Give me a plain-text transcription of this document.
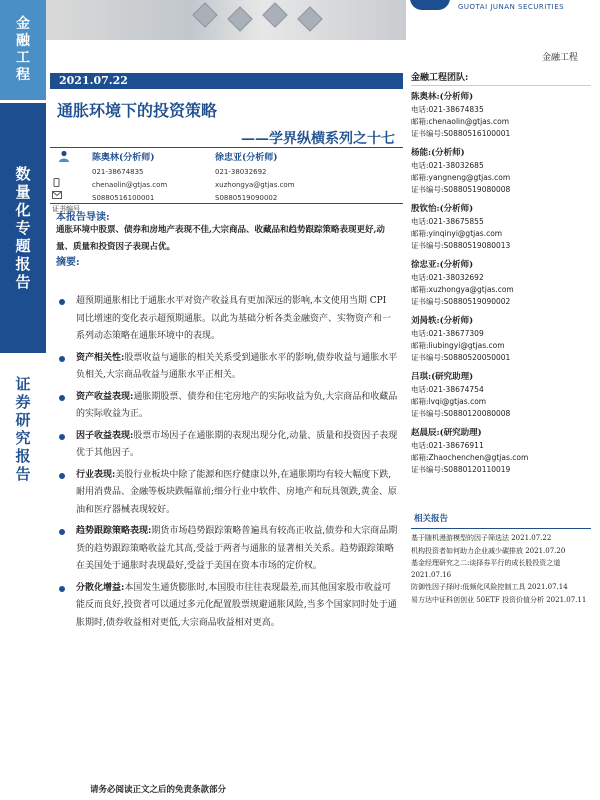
金
融
工
程
数
量
化
专
题
报
告
证
券
研
究
报
告
GUOTAI JUNAN SECURITIES
金融工程
2021.07.22
通胀环境下的投资策略
——学界纵横系列之十七
证书编号
陈奥林(分析师)
021-38674835
chenaolin@gtjas.com
S0880516100001
徐忠亚(分析师)
021-38032692
xuzhongya@gtjas.com
S0880519090002
本报告导读:
通胀环境中股票、债券和房地产表现不佳,大宗商品、收藏品和趋势跟踪策略表现更好,动量、质量和投资因子表现占优。
摘要:
超预期通胀相比于通胀水平对资产收益具有更加深远的影响,本文使用当期 CPI 同比增速的变化表示超预期通胀。以此为基础分析各类金融资产、实物资产和一系列动态策略在通胀环境中的表现。
资产相关性:股票收益与通胀的相关关系受到通胀水平的影响,债券收益与通胀水平负相关,大宗商品收益与通胀水平正相关。
资产收益表现:通胀期股票、债券和住宅房地产的实际收益为负,大宗商品和收藏品的实际收益为正。
因子收益表现:股票市场因子在通胀期的表现出现分化,动量、质量和投资因子表现优于其他因子。
行业表现:美股行业板块中除了能源和医疗健康以外,在通胀期均有较大幅度下跌,耐用消费品、金融等板块跌幅靠前;细分行业中软件、房地产和玩具领跌,黄金、原油和医疗器械表现较好。
趋势跟踪策略表现:期货市场趋势跟踪策略普遍具有较高正收益,债券和大宗商品期货的趋势跟踪策略收益尤其高,受益于两者与通胀的显著相关关系。趋势跟踪策略在美国处于通胀时表现最好,受益于美国在资本市场的定价权。
分散化增益:本国发生通货膨胀时,本国股市往往表现最差,而其他国家股市收益可能反而良好,投资者可以通过多元化配置股票规避通胀风险,当多个国家同时处于通胀期时,债券收益相对更低,大宗商品收益相对更高。
金融工程团队:
陈奥林:(分析师)
电话:021-38674835
邮箱:chenaolin@gtjas.com
证书编号:S0880516100001
杨能:(分析师)
电话:021-38032685
邮箱:yangneng@gtjas.com
证书编号:S0880519080008
殷钦怡:(分析师)
电话:021-38675855
邮箱:yinqinyi@gtjas.com
证书编号:S0880519080013
徐忠亚:(分析师)
电话:021-38032692
邮箱:xuzhongya@gtjas.com
证书编号:S0880519090002
刘昺轶:(分析师)
电话:021-38677309
邮箱:liubingyi@gtjas.com
证书编号:S0880520050001
吕琪:(研究助理)
电话:021-38674754
邮箱:lvqi@gtjas.com
证书编号:S0880120080008
赵晨辰:(研究助理)
电话:021-38676911
邮箱:Zhaochenchen@gtjas.com
证书编号:S0880120110019
相关报告
基于随机漫游模型的因子筛选法 2021.07.22
机构投资者如何助力企业减少碳排放 2021.07.20
基金经理研究之二:谈择券平行的成长股投资之道 2021.07.16
防御性因子择时:低频化风险控制工具 2021.07.14
易方达中证科创创业 50ETF 投资价值分析 2021.07.11
请务必阅读正文之后的免责条款部分
